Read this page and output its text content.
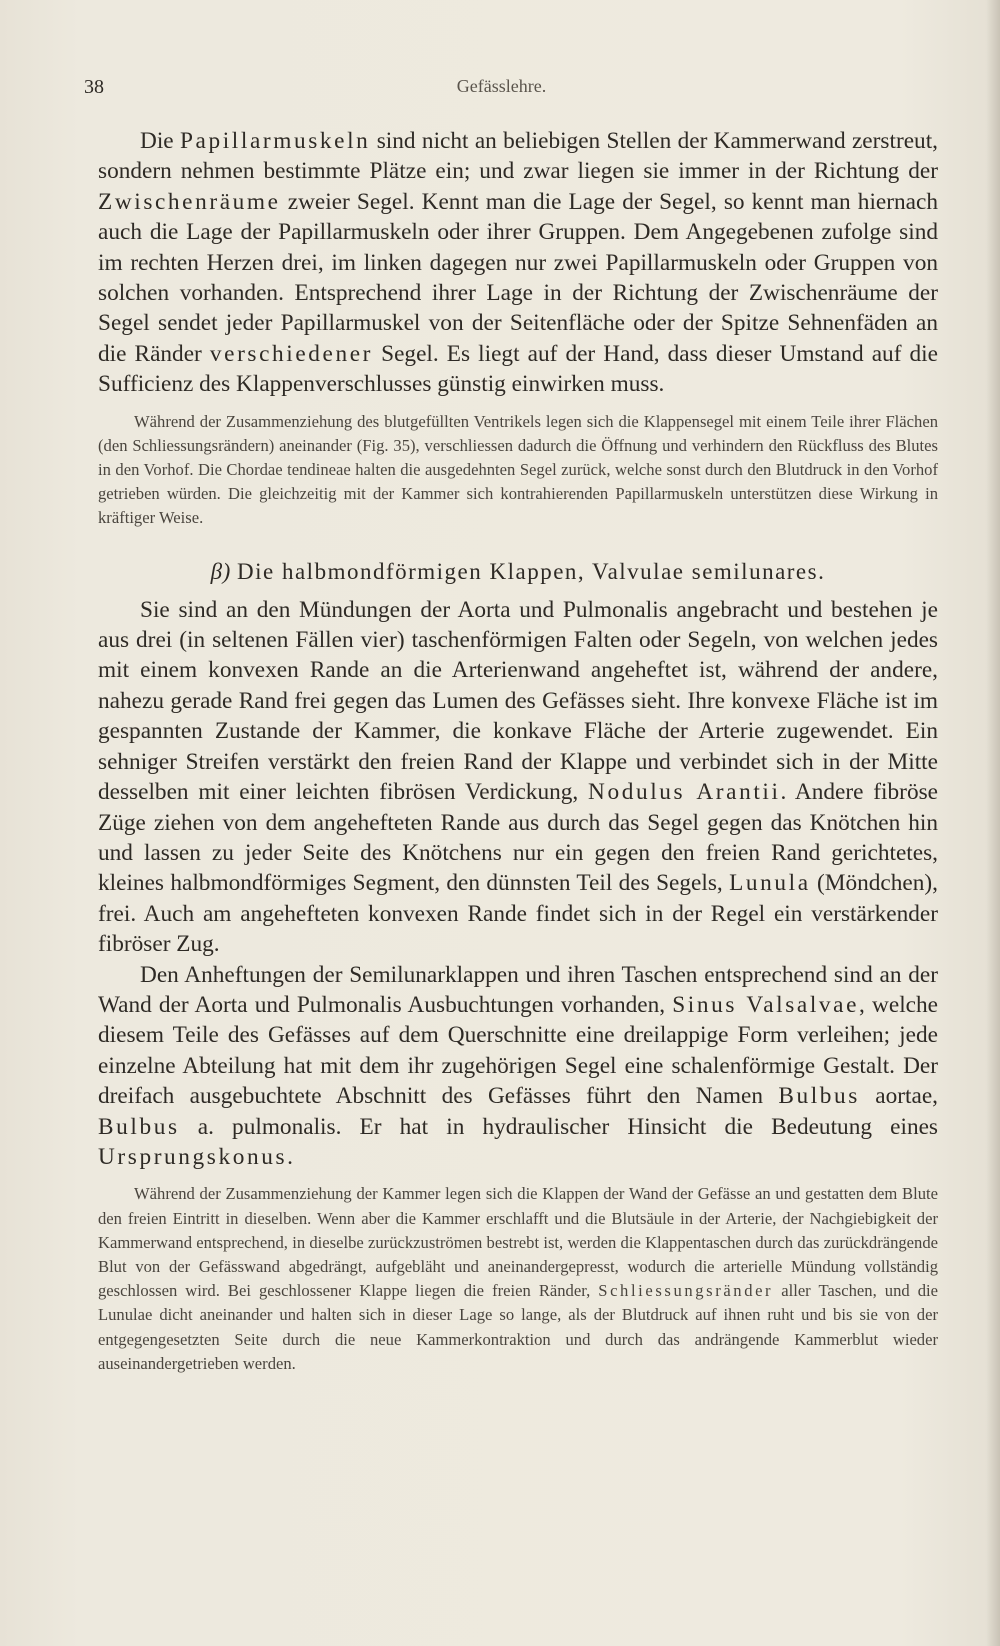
38	Gefässlehre.

Die Papillarmuskeln sind nicht an beliebigen Stellen der Kammerwand zerstreut, sondern nehmen bestimmte Plätze ein; und zwar liegen sie immer in der Richtung der Zwischenräume zweier Segel. Kennt man die Lage der Segel, so kennt man hiernach auch die Lage der Papillarmuskeln oder ihrer Gruppen. Dem Angegebenen zufolge sind im rechten Herzen drei, im linken dagegen nur zwei Papillarmuskeln oder Gruppen von solchen vorhanden. Entsprechend ihrer Lage in der Richtung der Zwischenräume der Segel sendet jeder Papillarmuskel von der Seitenfläche oder der Spitze Sehnenfäden an die Ränder verschiedener Segel. Es liegt auf der Hand, dass dieser Umstand auf die Sufficienz des Klappenverschlusses günstig einwirken muss.

Während der Zusammenziehung des blutgefüllten Ventrikels legen sich die Klappensegel mit einem Teile ihrer Flächen (den Schliessungsrändern) aneinander (Fig. 35), verschliessen dadurch die Öffnung und verhindern den Rückfluss des Blutes in den Vorhof. Die Chordae tendineae halten die ausgedehnten Segel zurück, welche sonst durch den Blutdruck in den Vorhof getrieben würden. Die gleichzeitig mit der Kammer sich kontrahierenden Papillarmuskeln unterstützen diese Wirkung in kräftiger Weise.

β) Die halbmondförmigen Klappen, Valvulae semilunares.

Sie sind an den Mündungen der Aorta und Pulmonalis angebracht und bestehen je aus drei (in seltenen Fällen vier) taschenförmigen Falten oder Segeln, von welchen jedes mit einem konvexen Rande an die Arterienwand angeheftet ist, während der andere, nahezu gerade Rand frei gegen das Lumen des Gefässes sieht. Ihre konvexe Fläche ist im gespannten Zustande der Kammer, die konkave Fläche der Arterie zugewendet. Ein sehniger Streifen verstärkt den freien Rand der Klappe und verbindet sich in der Mitte desselben mit einer leichten fibrösen Verdickung, Nodulus Arantii. Andere fibröse Züge ziehen von dem angehefteten Rande aus durch das Segel gegen das Knötchen hin und lassen zu jeder Seite des Knötchens nur ein gegen den freien Rand gerichtetes, kleines halbmondförmiges Segment, den dünnsten Teil des Segels, Lunula (Möndchen), frei. Auch am angehefteten konvexen Rande findet sich in der Regel ein verstärkender fibröser Zug.

Den Anheftungen der Semilunarklappen und ihren Taschen entsprechend sind an der Wand der Aorta und Pulmonalis Ausbuchtungen vorhanden, Sinus Valsalvae, welche diesem Teile des Gefässes auf dem Querschnitte eine dreilappige Form verleihen; jede einzelne Abteilung hat mit dem ihr zugehörigen Segel eine schalenförmige Gestalt. Der dreifach ausgebuchtete Abschnitt des Gefässes führt den Namen Bulbus aortae, Bulbus a. pulmonalis. Er hat in hydraulischer Hinsicht die Bedeutung eines Ursprungskonus.

Während der Zusammenziehung der Kammer legen sich die Klappen der Wand der Gefässe an und gestatten dem Blute den freien Eintritt in dieselben. Wenn aber die Kammer erschlafft und die Blutsäule in der Arterie, der Nachgiebigkeit der Kammerwand entsprechend, in dieselbe zurückzuströmen bestrebt ist, werden die Klappentaschen durch das zurückdrängende Blut von der Gefässwand abgedrängt, aufgebläht und aneinandergepresst, wodurch die arterielle Mündung vollständig geschlossen wird. Bei geschlossener Klappe liegen die freien Ränder, Schliessungsränder aller Taschen, und die Lunulae dicht aneinander und halten sich in dieser Lage so lange, als der Blutdruck auf ihnen ruht und bis sie von der entgegengesetzten Seite durch die neue Kammerkontraktion und durch das andrängende Kammerblut wieder auseinandergetrieben werden.
